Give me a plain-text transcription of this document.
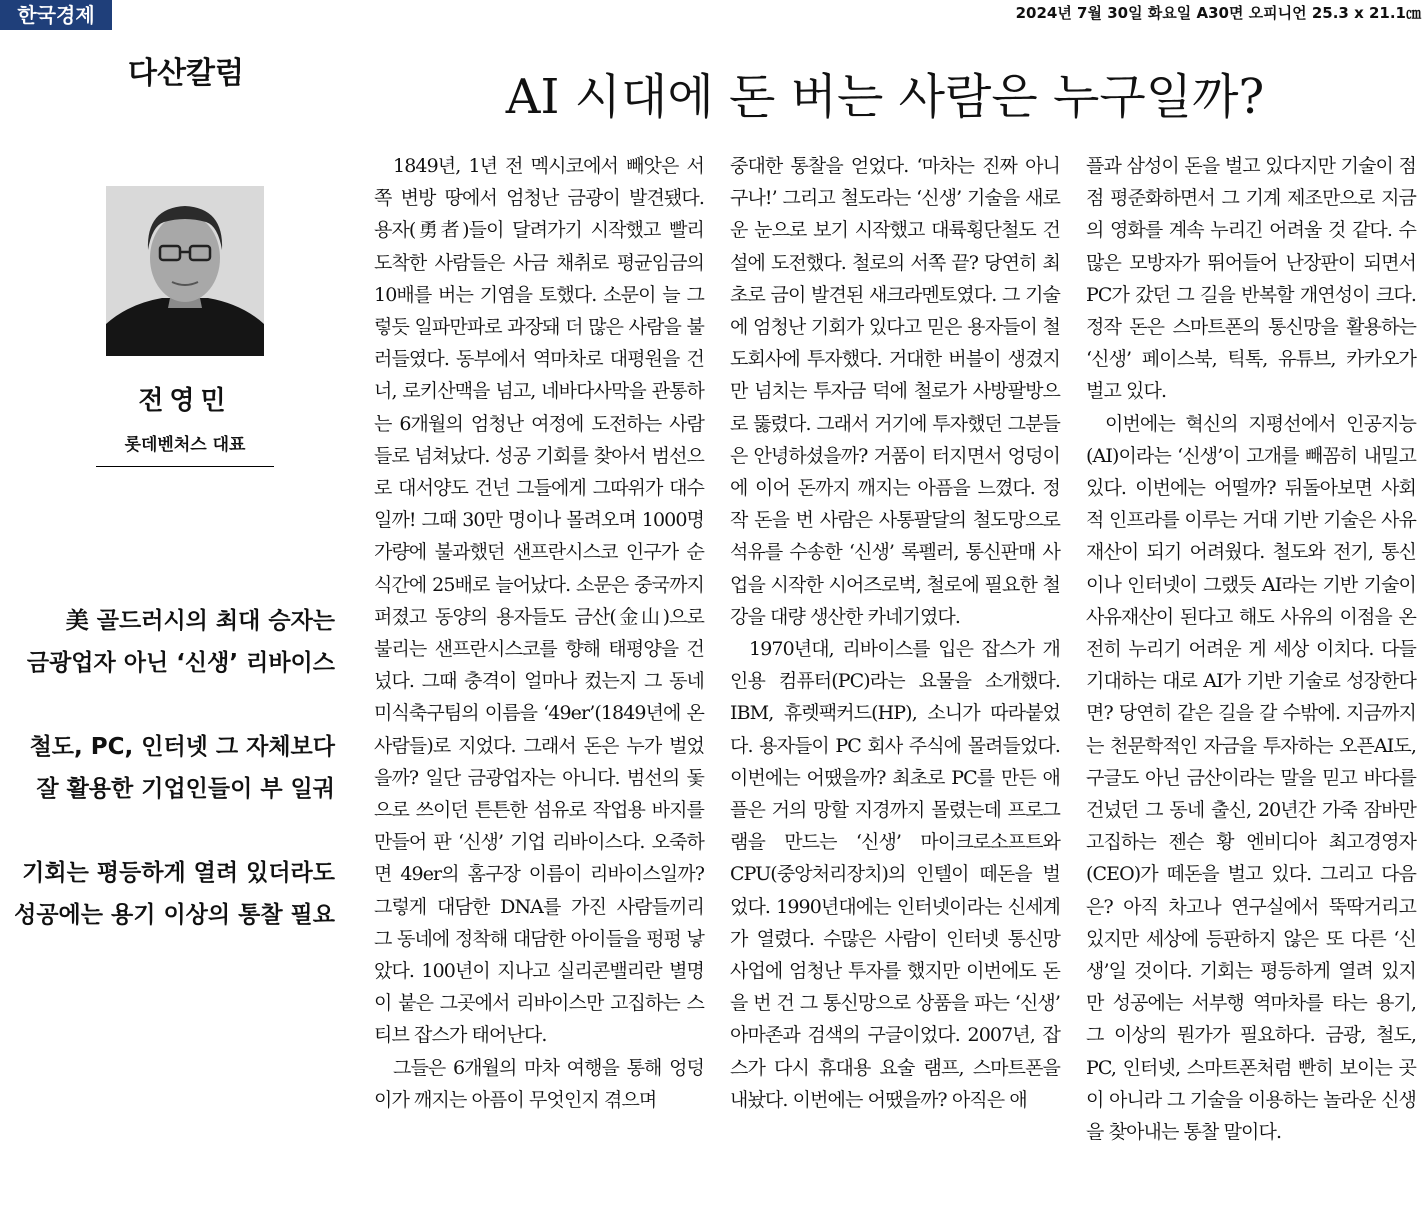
한국경제	2024년 7월 30일 화요일 A30면 오피니언 25.3 x 21.1㎝
다산칼럼	AI 시대에 돈 버는 사람은 누구일까?
전영민
롯데벤처스 대표
美 골드러시의 최대 승자는
금광업자 아닌 ‘신생’ 리바이스
철도, PC, 인터넷 그 자체보다
잘 활용한 기업인들이 부 일궈
기회는 평등하게 열려 있더라도
성공에는 용기 이상의 통찰 필요

1849년, 1년 전 멕시코에서 빼앗은 서쪽 변방 땅에서 엄청난 금광이 발견됐다. 용자(勇者)들이 달려가기 시작했고 빨리 도착한 사람들은 사금 채취로 평균임금의 10배를 버는 기염을 토했다. 소문이 늘 그렇듯 일파만파로 과장돼 더 많은 사람을 불러들였다. 동부에서 역마차로 대평원을 건너, 로키산맥을 넘고, 네바다사막을 관통하는 6개월의 엄청난 여정에 도전하는 사람들로 넘쳐났다. 성공 기회를 찾아서 범선으로 대서양도 건넌 그들에게 그따위가 대수일까! 그때 30만 명이나 몰려오며 1000명가량에 불과했던 샌프란시스코 인구가 순식간에 25배로 늘어났다. 소문은 중국까지 퍼졌고 동양의 용자들도 금산(金山)으로 불리는 샌프란시스코를 향해 태평양을 건넜다. 그때 충격이 얼마나 컸는지 그 동네 미식축구팀의 이름을 ‘49er’(1849년에 온 사람들)로 지었다. 그래서 돈은 누가 벌었을까? 일단 금광업자는 아니다. 범선의 돛으로 쓰이던 튼튼한 섬유로 작업용 바지를 만들어 판 ‘신생’ 기업 리바이스다. 오죽하면 49er의 홈구장 이름이 리바이스일까? 그렇게 대담한 DNA를 가진 사람들끼리 그 동네에 정착해 대담한 아이들을 펑펑 낳았다. 100년이 지나고 실리콘밸리란 별명이 붙은 그곳에서 리바이스만 고집하는 스티브 잡스가 태어난다.

그들은 6개월의 마차 여행을 통해 엉덩이가 깨지는 아픔이 무엇인지 겪으며

중대한 통찰을 얻었다. ‘마차는 진짜 아니구나!’ 그리고 철도라는 ‘신생’ 기술을 새로운 눈으로 보기 시작했고 대륙횡단철도 건설에 도전했다. 철로의 서쪽 끝? 당연히 최초로 금이 발견된 새크라멘토였다. 그 기술에 엄청난 기회가 있다고 믿은 용자들이 철도회사에 투자했다. 거대한 버블이 생겼지만 넘치는 투자금 덕에 철로가 사방팔방으로 뚫렸다. 그래서 거기에 투자했던 그분들은 안녕하셨을까? 거품이 터지면서 엉덩이에 이어 돈까지 깨지는 아픔을 느꼈다. 정작 돈을 번 사람은 사통팔달의 철도망으로 석유를 수송한 ‘신생’ 록펠러, 통신판매 사업을 시작한 시어즈로벅, 철로에 필요한 철강을 대량 생산한 카네기였다.

1970년대, 리바이스를 입은 잡스가 개인용 컴퓨터(PC)라는 요물을 소개했다. IBM, 휴렛팩커드(HP), 소니가 따라붙었다. 용자들이 PC 회사 주식에 몰려들었다. 이번에는 어땠을까? 최초로 PC를 만든 애플은 거의 망할 지경까지 몰렸는데 프로그램을 만드는 ‘신생’ 마이크로소프트와 CPU(중앙처리장치)의 인텔이 떼돈을 벌었다. 1990년대에는 인터넷이라는 신세계가 열렸다. 수많은 사람이 인터넷 통신망 사업에 엄청난 투자를 했지만 이번에도 돈을 번 건 그 통신망으로 상품을 파는 ‘신생’ 아마존과 검색의 구글이었다. 2007년, 잡스가 다시 휴대용 요술 램프, 스마트폰을 내놨다. 이번에는 어땠을까? 아직은 애

플과 삼성이 돈을 벌고 있다지만 기술이 점점 평준화하면서 그 기계 제조만으로 지금의 영화를 계속 누리긴 어려울 것 같다. 수많은 모방자가 뛰어들어 난장판이 되면서 PC가 갔던 그 길을 반복할 개연성이 크다. 정작 돈은 스마트폰의 통신망을 활용하는 ‘신생’ 페이스북, 틱톡, 유튜브, 카카오가 벌고 있다.

이번에는 혁신의 지평선에서 인공지능(AI)이라는 ‘신생’이 고개를 빼꼼히 내밀고 있다. 이번에는 어떨까? 뒤돌아보면 사회적 인프라를 이루는 거대 기반 기술은 사유재산이 되기 어려웠다. 철도와 전기, 통신이나 인터넷이 그랬듯 AI라는 기반 기술이 사유재산이 된다고 해도 사유의 이점을 온전히 누리기 어려운 게 세상 이치다. 다들 기대하는 대로 AI가 기반 기술로 성장한다면? 당연히 같은 길을 갈 수밖에. 지금까지는 천문학적인 자금을 투자하는 오픈AI도, 구글도 아닌 금산이라는 말을 믿고 바다를 건넜던 그 동네 출신, 20년간 가죽 잠바만 고집하는 젠슨 황 엔비디아 최고경영자(CEO)가 떼돈을 벌고 있다. 그리고 다음은? 아직 차고나 연구실에서 뚝딱거리고 있지만 세상에 등판하지 않은 또 다른 ‘신생’일 것이다. 기회는 평등하게 열려 있지만 성공에는 서부행 역마차를 타는 용기, 그 이상의 뭔가가 필요하다. 금광, 철도, PC, 인터넷, 스마트폰처럼 빤히 보이는 곳이 아니라 그 기술을 이용하는 놀라운 신생을 찾아내는 통찰 말이다.
